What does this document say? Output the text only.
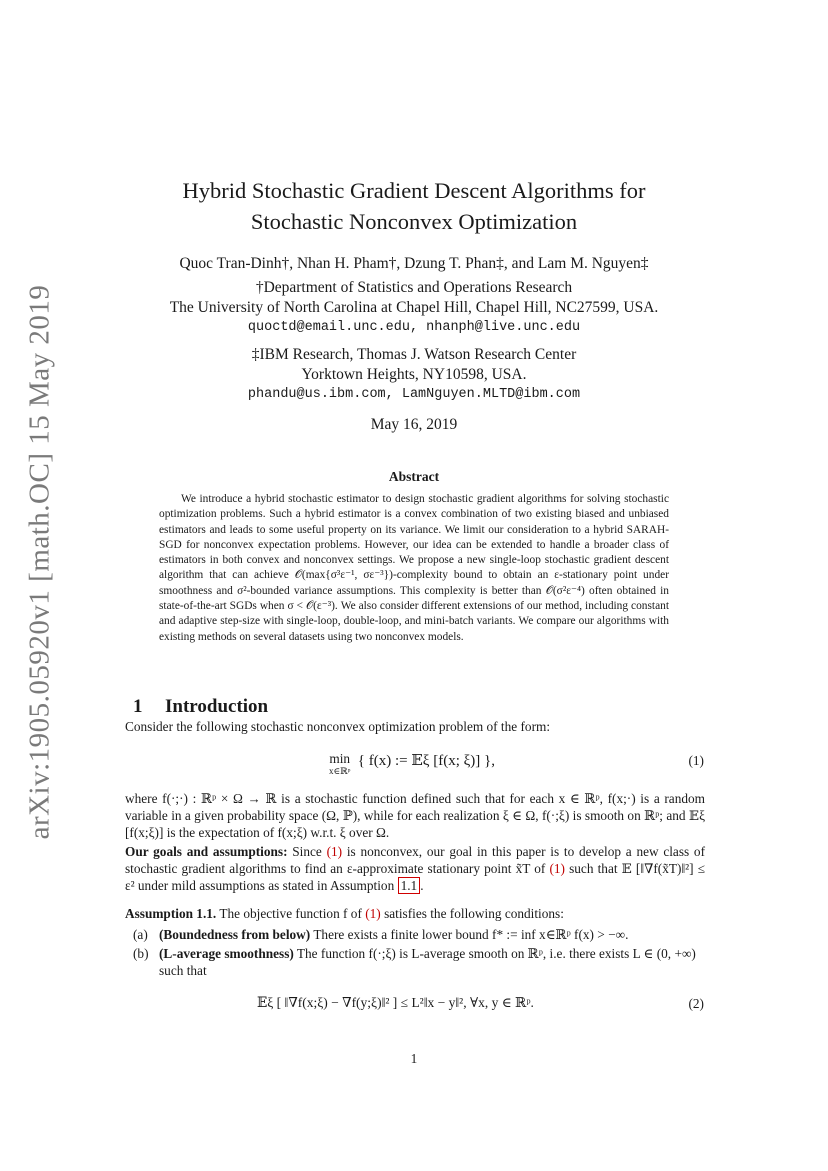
arXiv:1905.05920v1 [math.OC] 15 May 2019
Hybrid Stochastic Gradient Descent Algorithms for
Stochastic Nonconvex Optimization
Quoc Tran-Dinh†, Nhan H. Pham†, Dzung T. Phan‡, and Lam M. Nguyen‡
†Department of Statistics and Operations Research
The University of North Carolina at Chapel Hill, Chapel Hill, NC27599, USA.
quoctd@email.unc.edu, nhanph@live.unc.edu
‡IBM Research, Thomas J. Watson Research Center
Yorktown Heights, NY10598, USA.
phandu@us.ibm.com, LamNguyen.MLTD@ibm.com
May 16, 2019
Abstract

We introduce a hybrid stochastic estimator to design stochastic gradient algorithms for solving stochastic optimization problems. Such a hybrid estimator is a convex combination of two existing biased and unbiased estimators and leads to some useful property on its variance. We limit our consideration to a hybrid SARAH-SGD for nonconvex expectation problems. However, our idea can be extended to handle a broader class of estimators in both convex and nonconvex settings. We propose a new single-loop stochastic gradient descent algorithm that can achieve 𝒪(max{σ³ε⁻¹, σε⁻³})-complexity bound to obtain an ε-stationary point under smoothness and σ²-bounded variance assumptions. This complexity is better than 𝒪(σ²ε⁻⁴) often obtained in state-of-the-art SGDs when σ < 𝒪(ε⁻³). We also consider different extensions of our method, including constant and adaptive step-size with single-loop, double-loop, and mini-batch variants. We compare our algorithms with existing methods on several datasets using two nonconvex models.

1 Introduction

Consider the following stochastic nonconvex optimization problem of the form:

min
x∈ℝᵖ
{ f(x) := 𝔼ξ [f(x; ξ)] },	(1)

where f(·;·) : ℝᵖ × Ω → ℝ is a stochastic function defined such that for each x ∈ ℝᵖ, f(x;·) is a random variable in a given probability space (Ω, ℙ), while for each realization ξ ∈ Ω, f(·;ξ) is smooth on ℝᵖ; and 𝔼ξ [f(x;ξ)] is the expectation of f(x;ξ) w.r.t. ξ over Ω.

Our goals and assumptions: Since (1) is nonconvex, our goal in this paper is to develop a new class of stochastic gradient algorithms to find an ε-approximate stationary point x̃T of (1) such that 𝔼 [‖∇f(x̃T)‖²] ≤ ε² under mild assumptions as stated in Assumption 1.1 .

Assumption 1.1. The objective function f of (1) satisfies the following conditions:

(a) (Boundedness from below) There exists a finite lower bound f* := inf x∈ℝᵖ f(x) > −∞.
(b) (L-average smoothness) The function f(·;ξ) is L-average smooth on ℝᵖ, i.e. there exists L ∈ (0, +∞) such that
𝔼ξ [ ‖∇f(x;ξ) − ∇f(y;ξ)‖² ] ≤ L²‖x − y‖², ∀x, y ∈ ℝᵖ.	(2)
1
